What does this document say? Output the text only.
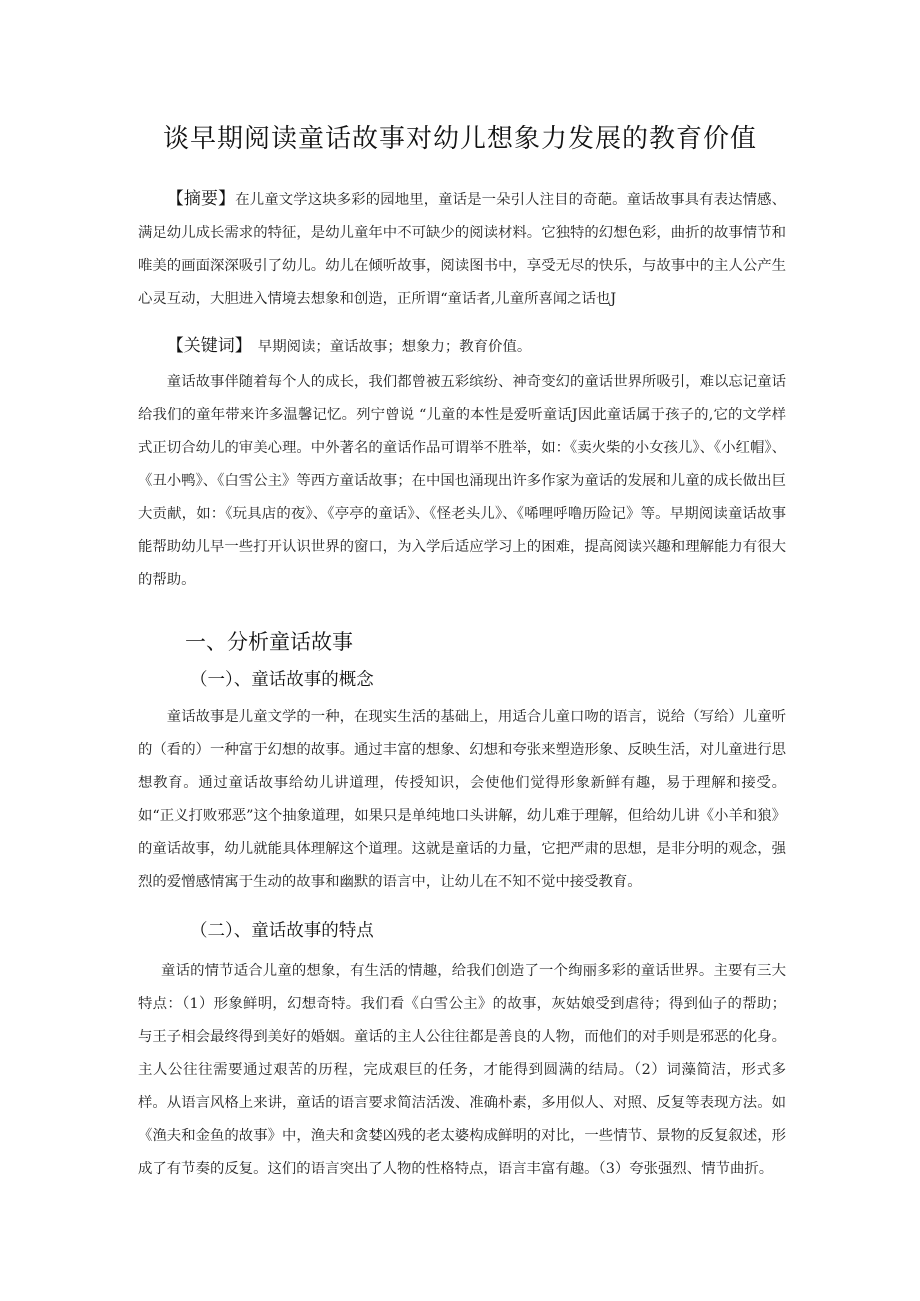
谈早期阅读童话故事对幼儿想象力发展的教育价值

【摘要】在儿童文学这块多彩的园地里，童话是一朵引人注目的奇葩。童话故事具有表达情感、满足幼儿成长需求的特征，是幼儿童年中不可缺少的阅读材料。它独特的幻想色彩，曲折的故事情节和唯美的画面深深吸引了幼儿。幼儿在倾听故事，阅读图书中，享受无尽的快乐，与故事中的主人公产生心灵互动，大胆进入情境去想象和创造，正所谓“童话者,儿童所喜闻之话也J

【关键词】 早期阅读；童话故事；想象力；教育价值。

童话故事伴随着每个人的成长，我们都曾被五彩缤纷、神奇变幻的童话世界所吸引，难以忘记童话给我们的童年带来许多温馨记忆。列宁曾说 “儿童的本性是爱听童话J因此童话属于孩子的,它的文学样式正切合幼儿的审美心理。中外著名的童话作品可谓举不胜举，如：《卖火柴的小女孩儿》、《小红帽》、《丑小鸭》、《白雪公主》等西方童话故事；在中国也涌现出许多作家为童话的发展和儿童的成长做出巨大贡献，如：《玩具店的夜》、《亭亭的童话》、《怪老头儿》、《唏哩呼噜历险记》等。早期阅读童话故事能帮助幼儿早一些打开认识世界的窗口，为入学后适应学习上的困难，提高阅读兴趣和理解能力有很大的帮助。

一、分析童话故事
（一）、童话故事的概念

童话故事是儿童文学的一种，在现实生活的基础上，用适合儿童口吻的语言，说给（写给）儿童听的（看的）一种富于幻想的故事。通过丰富的想象、幻想和夸张来塑造形象、反映生活，对儿童进行思想教育。通过童话故事给幼儿讲道理，传授知识，会使他们觉得形象新鲜有趣，易于理解和接受。如“正义打败邪恶”这个抽象道理，如果只是单纯地口头讲解，幼儿难于理解，但给幼儿讲《小羊和狼》的童话故事，幼儿就能具体理解这个道理。这就是童话的力量，它把严肃的思想，是非分明的观念，强烈的爱憎感情寓于生动的故事和幽默的语言中，让幼儿在不知不觉中接受教育。

（二）、童话故事的特点

童话的情节适合儿童的想象，有生活的情趣，给我们创造了一个绚丽多彩的童话世界。主要有三大特点：（1）形象鲜明，幻想奇特。我们看《白雪公主》的故事，灰姑娘受到虐待；得到仙子的帮助；与王子相会最终得到美好的婚姻。童话的主人公往往都是善良的人物，而他们的对手则是邪恶的化身。主人公往往需要通过艰苦的历程，完成艰巨的任务，才能得到圆满的结局。（2）词藻简洁，形式多样。从语言风格上来讲，童话的语言要求简洁活泼、准确朴素，多用似人、对照、反复等表现方法。如《渔夫和金鱼的故事》中，渔夫和贪婪凶残的老太婆构成鲜明的对比，一些情节、景物的反复叙述，形成了有节奏的反复。这们的语言突出了人物的性格特点，语言丰富有趣。（3）夸张强烈、情节曲折。
